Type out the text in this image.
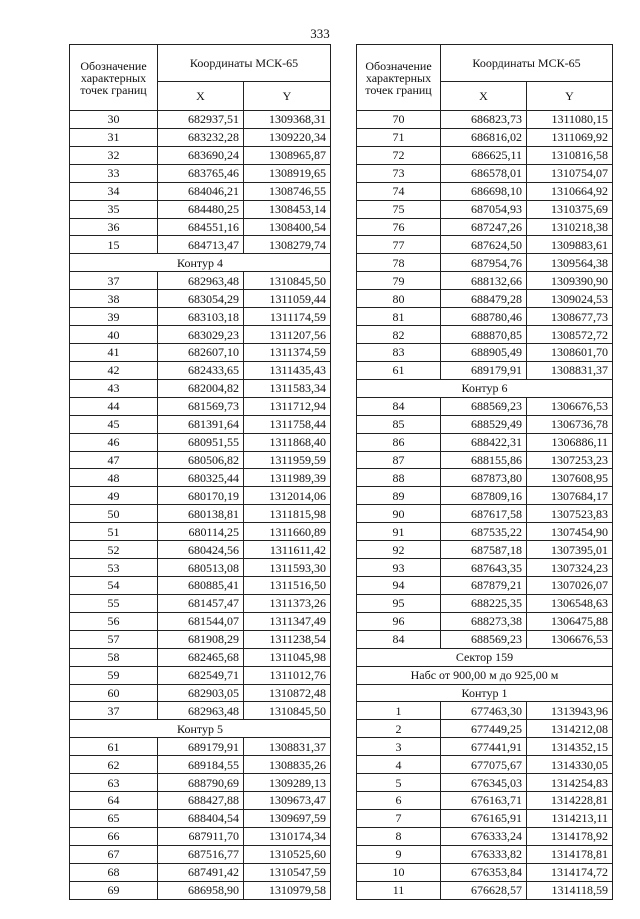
333
Обозначение характерных точек границ	Координаты МСК-65	
	X	Y
30	682937,51	1309368,31
31	683232,28	1309220,34
32	683690,24	1308965,87
33	683765,46	1308919,65
34	684046,21	1308746,55
35	684480,25	1308453,14
36	684551,16	1308400,54
15	684713,47	1308279,74
Контур 4		
37	682963,48	1310845,50
38	683054,29	1311059,44
39	683103,18	1311174,59
40	683029,23	1311207,56
41	682607,10	1311374,59
42	682433,65	1311435,43
43	682004,82	1311583,34
44	681569,73	1311712,94
45	681391,64	1311758,44
46	680951,55	1311868,40
47	680506,82	1311959,59
48	680325,44	1311989,39
49	680170,19	1312014,06
50	680138,81	1311815,98
51	680114,25	1311660,89
52	680424,56	1311611,42
53	680513,08	1311593,30
54	680885,41	1311516,50
55	681457,47	1311373,26
56	681544,07	1311347,49
57	681908,29	1311238,54
58	682465,68	1311045,98
59	682549,71	1311012,76
60	682903,05	1310872,48
37	682963,48	1310845,50
Контур 5		
61	689179,91	1308831,37
62	689184,55	1308835,26
63	688790,69	1309289,13
64	688427,88	1309673,47
65	688404,54	1309697,59
66	687911,70	1310174,34
67	687516,77	1310525,60
68	687491,42	1310547,59
69	686958,90	1310979,58
Обозначение характерных точек границ	Координаты МСК-65	
	X	Y
70	686823,73	1311080,15
71	686816,02	1311069,92
72	686625,11	1310816,58
73	686578,01	1310754,07
74	686698,10	1310664,92
75	687054,93	1310375,69
76	687247,26	1310218,38
77	687624,50	1309883,61
78	687954,76	1309564,38
79	688132,66	1309390,90
80	688479,28	1309024,53
81	688780,46	1308677,73
82	688870,85	1308572,72
83	688905,49	1308601,70
61	689179,91	1308831,37
Контур 6		
84	688569,23	1306676,53
85	688529,49	1306736,78
86	688422,31	1306886,11
87	688155,86	1307253,23
88	687873,80	1307608,95
89	687809,16	1307684,17
90	687617,58	1307523,83
91	687535,22	1307454,90
92	687587,18	1307395,01
93	687643,35	1307324,23
94	687879,21	1307026,07
95	688225,35	1306548,63
96	688273,38	1306475,88
84	688569,23	1306676,53
Сектор 159		
Набс от 900,00 м до 925,00 м		
Контур 1		
1	677463,30	1313943,96
2	677449,25	1314212,08
3	677441,91	1314352,15
4	677075,67	1314330,05
5	676345,03	1314254,83
6	676163,71	1314228,81
7	676165,91	1314213,11
8	676333,24	1314178,92
9	676333,82	1314178,81
10	676353,84	1314174,72
11	676628,57	1314118,59
